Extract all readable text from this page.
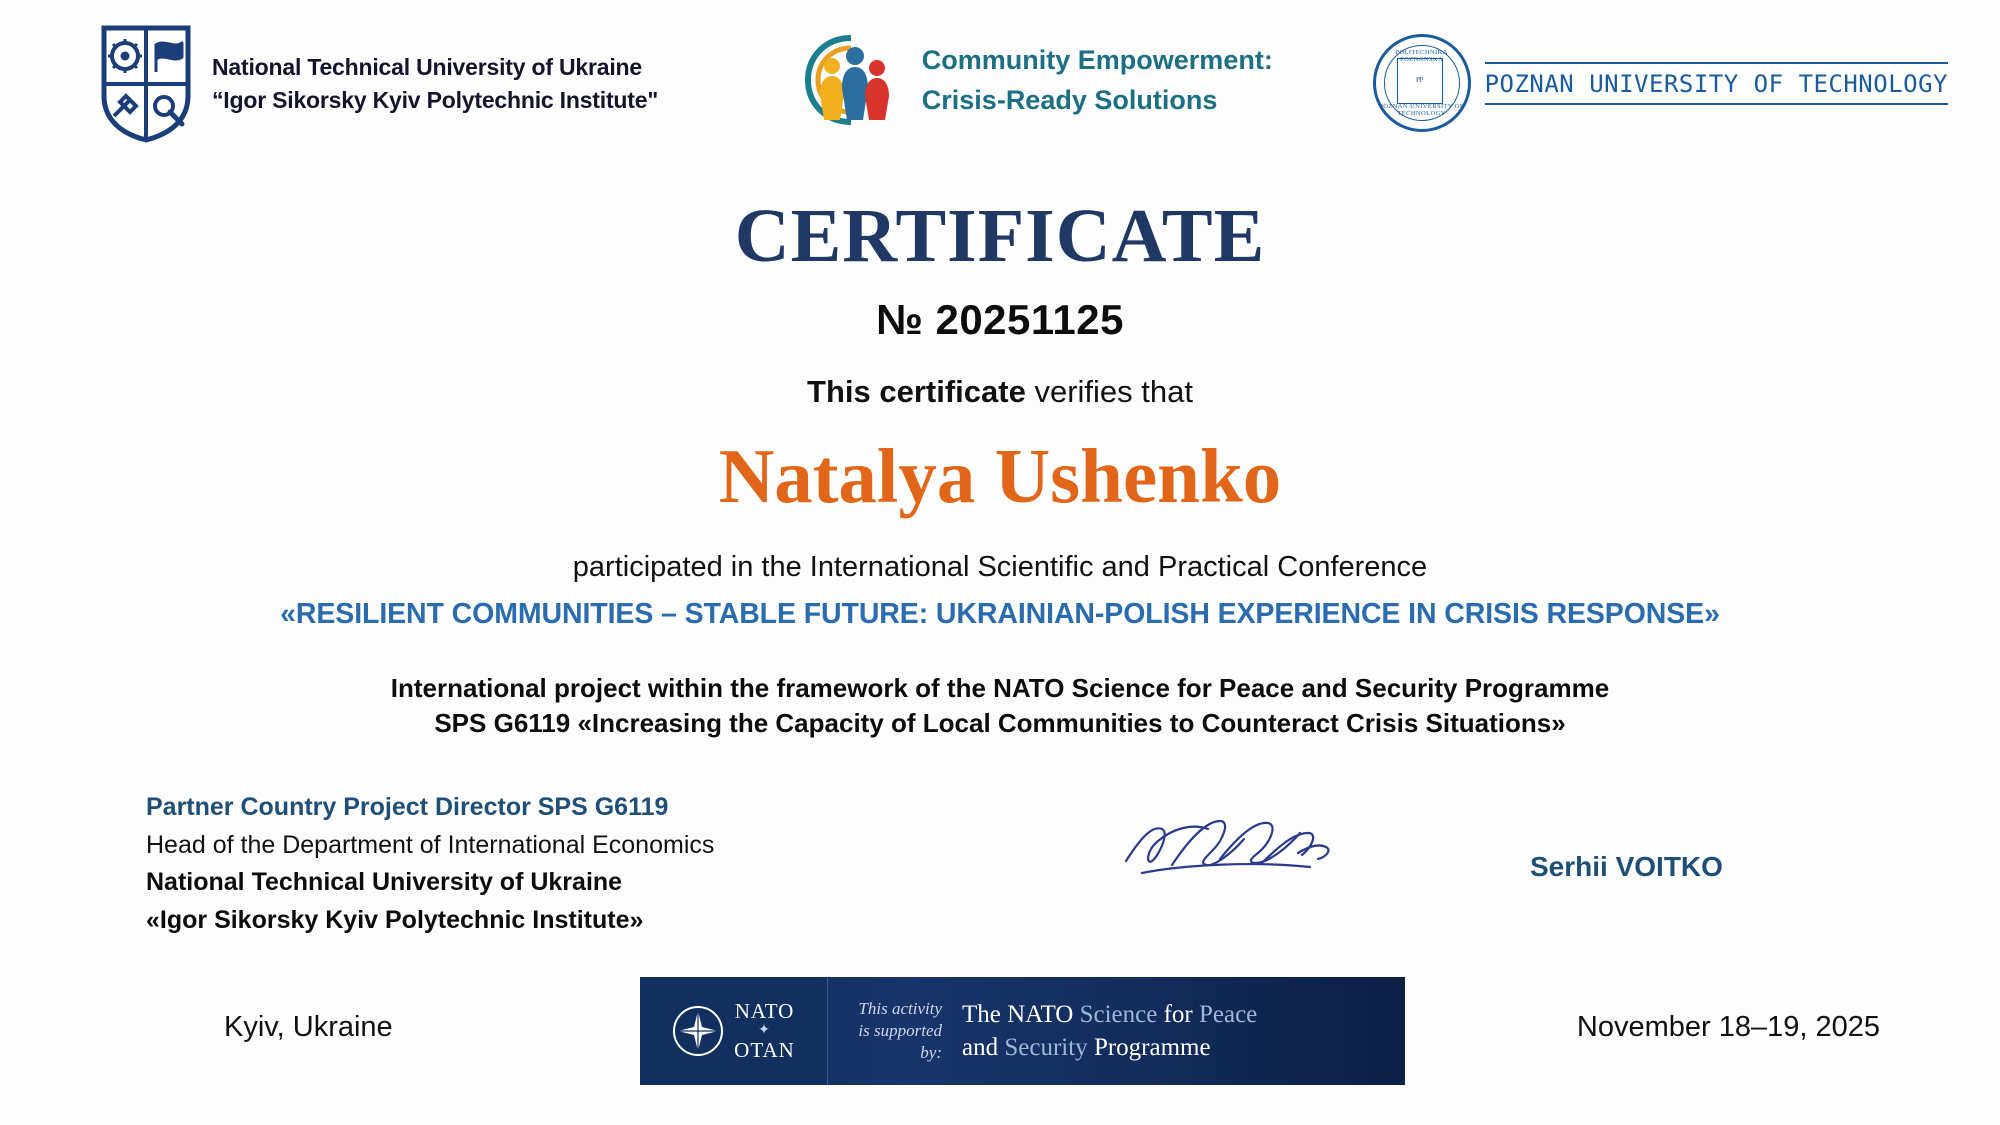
National Technical University of Ukraine
“Igor Sikorsky Kyiv Polytechnic Institute"
Community Empowerment:
Crisis-Ready Solutions
POLITECHNIKA POZNANSKA
PP
POZNAN UNIVERSITY OF TECHNOLOGY
POZNAN UNIVERSITY OF TECHNOLOGY
CERTIFICATE
№ 20251125
This certificate verifies that
Natalya Ushenko
participated in the International Scientific and Practical Conference
«RESILIENT COMMUNITIES – STABLE FUTURE: UKRAINIAN-POLISH EXPERIENCE IN CRISIS RESPONSE»
International project within the framework of the NATO Science for Peace and Security Programme
SPS G6119 «Increasing the Capacity of Local Communities to Counteract Crisis Situations»
Partner Country Project Director SPS G6119
Head of the Department of International Economics
National Technical University of Ukraine
«Igor Sikorsky Kyiv Polytechnic Institute»
Serhii VOITKO
Kyiv, Ukraine	NATO
✦
OTAN
This activity
is supported by:
The NATO Science for Peace
and Security Programme
November 18–19, 2025
